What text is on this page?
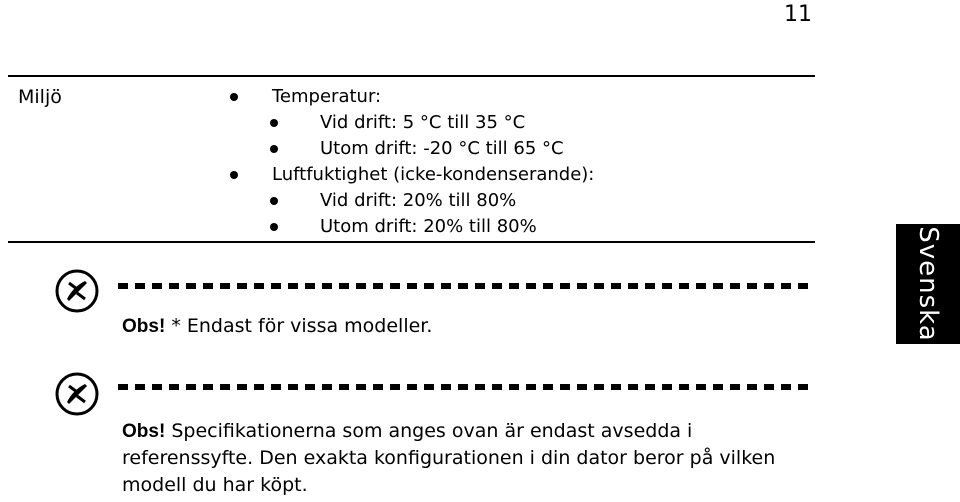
11
Miljö	Temperatur:
Vid drift: 5 °C till 35 °C
Utom drift: -20 °C till 65 °C
Luftfuktighet (icke-kondenserande):
Vid drift: 20% till 80%
Utom drift: 20% till 80%
Obs! * Endast för vissa modeller.
Obs! Specifikationerna som anges ovan är endast avsedda i referenssyfte. Den exakta konfigurationen i din dator beror på vilken modell du har köpt.
Svenska
